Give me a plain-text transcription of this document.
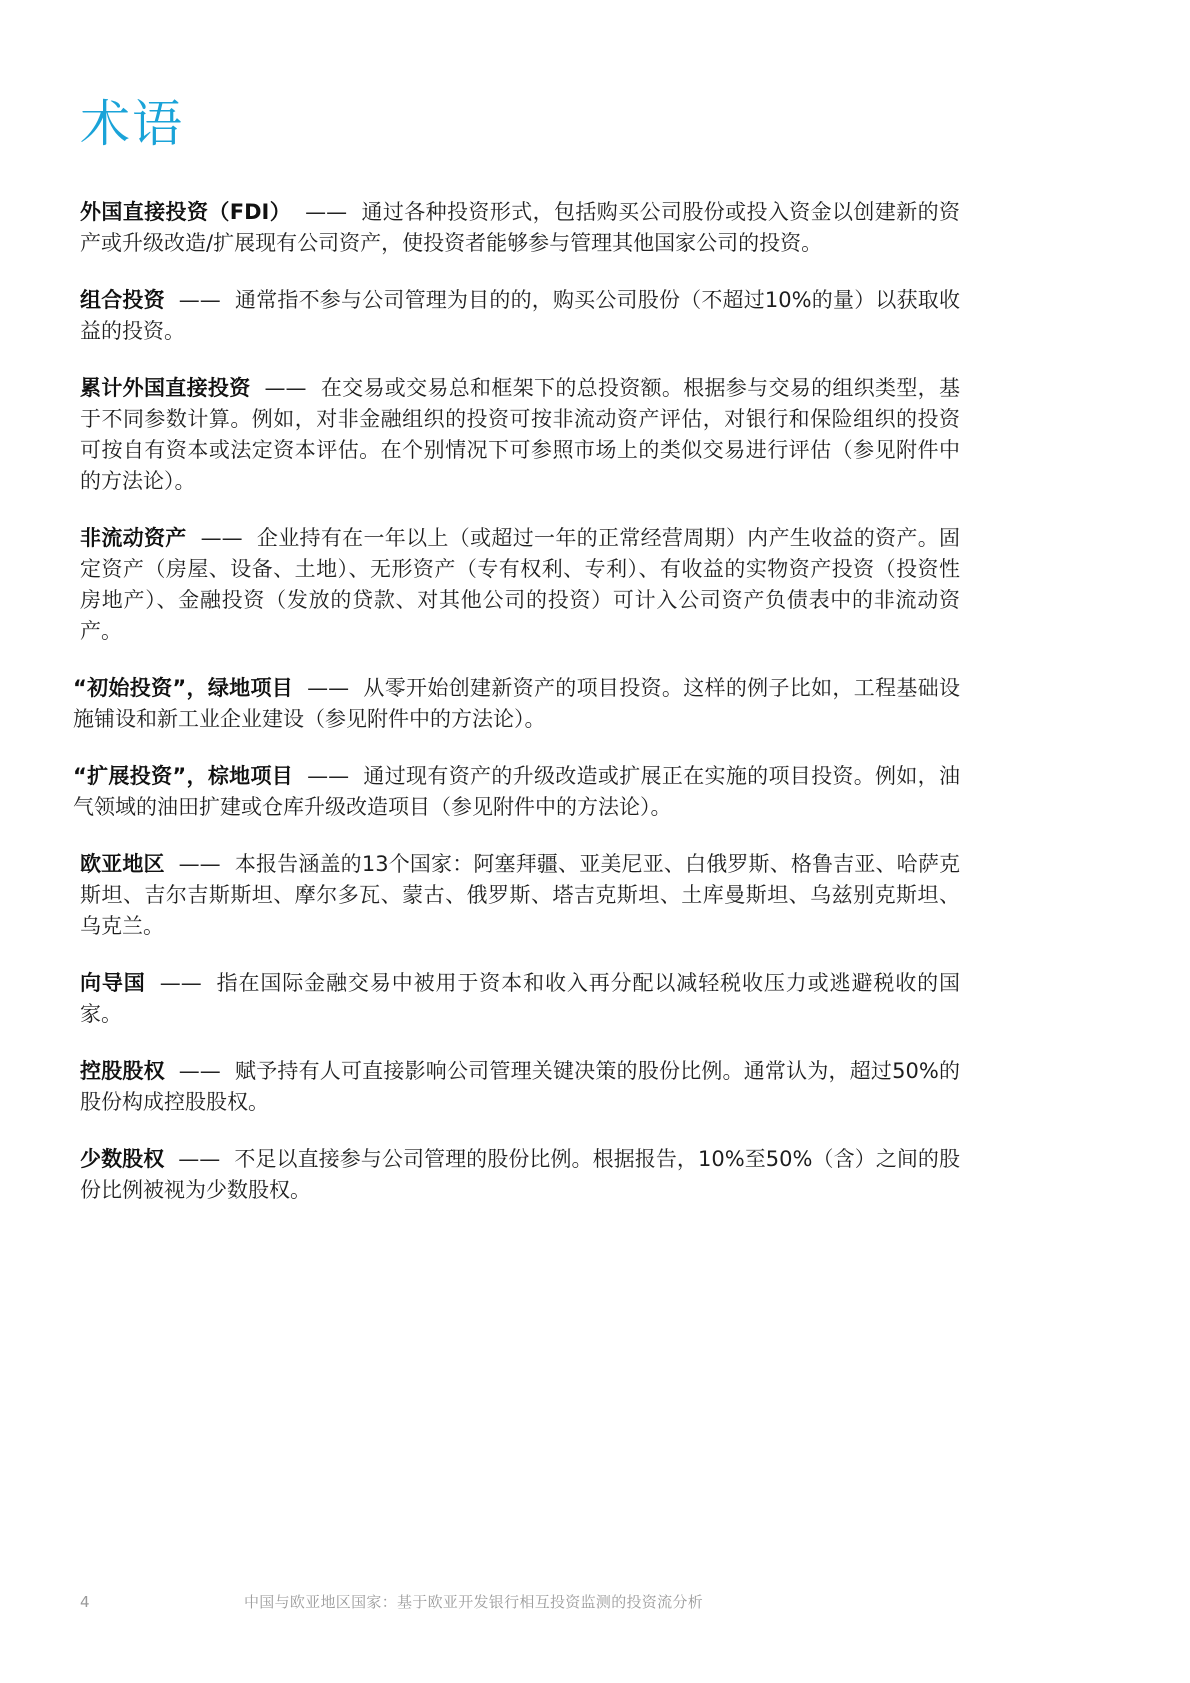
术语

外国直接投资（FDI） —— 通过各种投资形式，包括购买公司股份或投入资金以创建新的资产或升级改造/扩展现有公司资产，使投资者能够参与管理其他国家公司的投资。

组合投资 —— 通常指不参与公司管理为目的的，购买公司股份（不超过10%的量）以获取收益的投资。

累计外国直接投资 —— 在交易或交易总和框架下的总投资额。根据参与交易的组织类型，基于不同参数计算。例如，对非金融组织的投资可按非流动资产评估，对银行和保险组织的投资可按自有资本或法定资本评估。在个别情况下可参照市场上的类似交易进行评估（参见附件中的方法论）。

非流动资产 —— 企业持有在一年以上（或超过一年的正常经营周期）内产生收益的资产。固定资产（房屋、设备、土地）、无形资产（专有权利、专利）、有收益的实物资产投资（投资性房地产）、金融投资（发放的贷款、对其他公司的投资）可计入公司资产负债表中的非流动资产。

“初始投资”，绿地项目 —— 从零开始创建新资产的项目投资。这样的例子比如，工程基础设施铺设和新工业企业建设（参见附件中的方法论）。

“扩展投资”，棕地项目 —— 通过现有资产的升级改造或扩展正在实施的项目投资。例如，油气领域的油田扩建或仓库升级改造项目（参见附件中的方法论）。

欧亚地区 —— 本报告涵盖的13个国家：阿塞拜疆、亚美尼亚、白俄罗斯、格鲁吉亚、哈萨克斯坦、吉尔吉斯斯坦、摩尔多瓦、蒙古、俄罗斯、塔吉克斯坦、土库曼斯坦、乌兹别克斯坦、乌克兰。

向导国 —— 指在国际金融交易中被用于资本和收入再分配以减轻税收压力或逃避税收的国家。

控股股权 —— 赋予持有人可直接影响公司管理关键决策的股份比例。通常认为，超过50%的股份构成控股股权。

少数股权 —— 不足以直接参与公司管理的股份比例。根据报告，10%至50%（含）之间的股份比例被视为少数股权。

4	中国与欧亚地区国家：基于欧亚开发银行相互投资监测的投资流分析
